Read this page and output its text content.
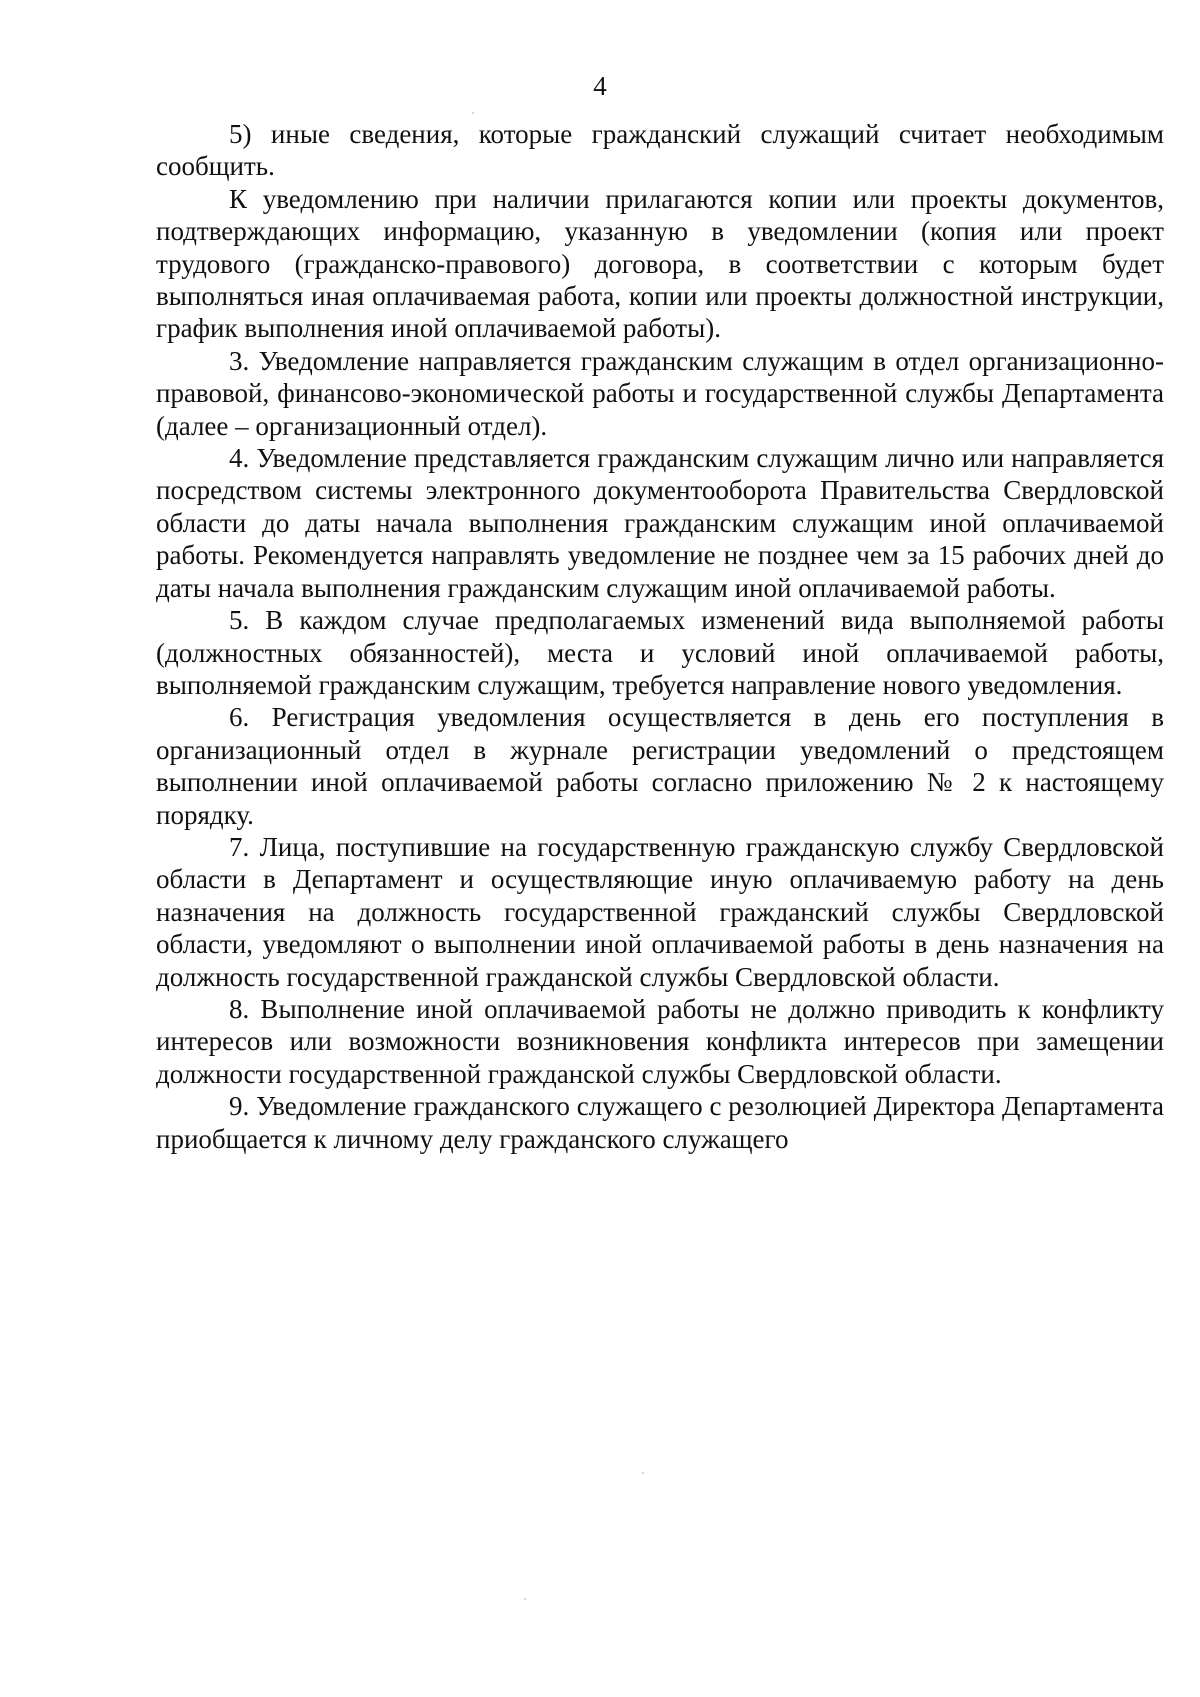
4

5) иные сведения, которые гражданский служащий считает необходимым сообщить.

К уведомлению при наличии прилагаются копии или проекты документов, подтверждающих информацию, указанную в уведомлении (копия или проект трудового (гражданско-правового) договора, в соответствии с которым будет выполняться иная оплачиваемая работа, копии или проекты должностной инструкции, график выполнения иной оплачиваемой работы).

3. Уведомление направляется гражданским служащим в отдел организационно-правовой, финансово-экономической работы и государственной службы Департамента (далее – организационный отдел).

4. Уведомление представляется гражданским служащим лично или направляется посредством системы электронного документооборота Правительства Свердловской области до даты начала выполнения гражданским служащим иной оплачиваемой работы. Рекомендуется направлять уведомление не позднее чем за 15 рабочих дней до даты начала выполнения гражданским служащим иной оплачиваемой работы.

5. В каждом случае предполагаемых изменений вида выполняемой работы (должностных обязанностей), места и условий иной оплачиваемой работы, выполняемой гражданским служащим, требуется направление нового уведомления.

6. Регистрация уведомления осуществляется в день его поступления в организационный отдел в журнале регистрации уведомлений о предстоящем выполнении иной оплачиваемой работы согласно приложению № 2 к настоящему порядку.

7. Лица, поступившие на государственную гражданскую службу Свердловской области в Департамент и осуществляющие иную оплачиваемую работу на день назначения на должность государственной гражданский службы Свердловской области, уведомляют о выполнении иной оплачиваемой работы в день назначения на должность государственной гражданской службы Свердловской области.

8. Выполнение иной оплачиваемой работы не должно приводить к конфликту интересов или возможности возникновения конфликта интересов при замещении должности государственной гражданской службы Свердловской области.

9. Уведомление гражданского служащего с резолюцией Директора Департамента приобщается к личному делу гражданского служащего
